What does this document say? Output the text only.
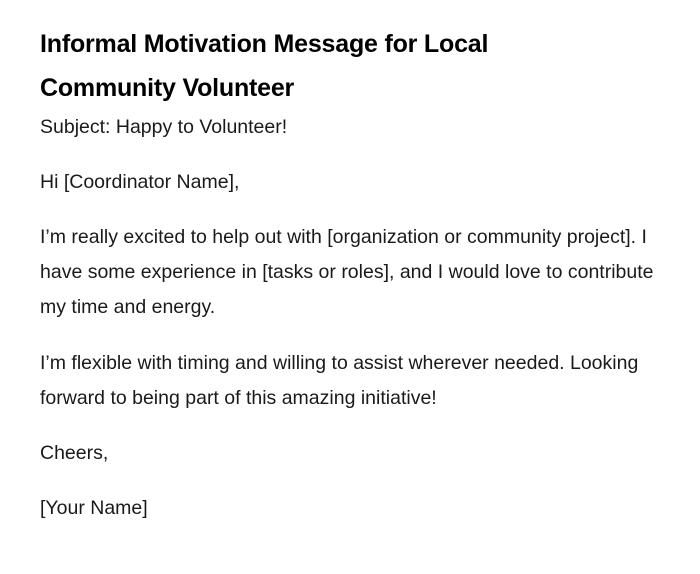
Informal Motivation Message for Local
Community Volunteer

Subject: Happy to Volunteer!

Hi [Coordinator Name],

I’m really excited to help out with [organization or community project]. I have some experience in [tasks or roles], and I would love to contribute my time and energy.

I’m flexible with timing and willing to assist wherever needed. Looking forward to being part of this amazing initiative!

Cheers,

[Your Name]
